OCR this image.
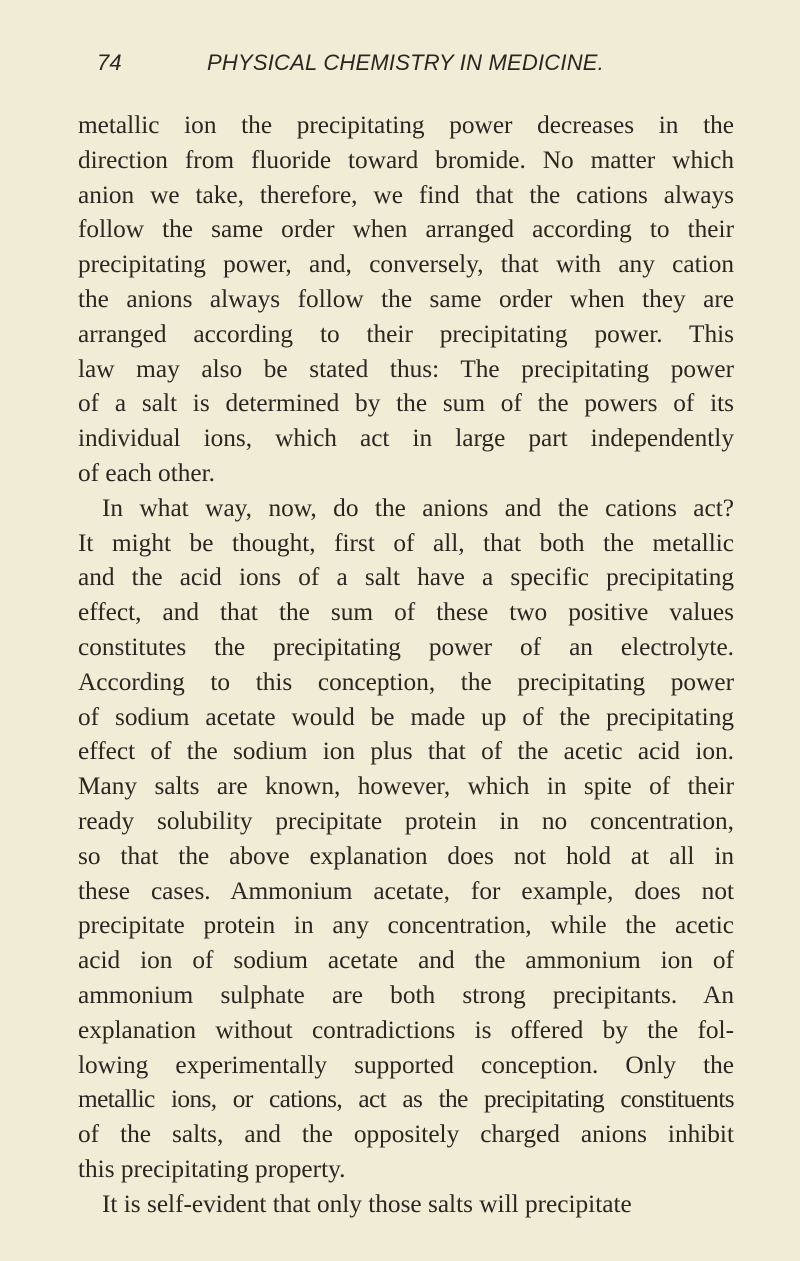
74	PHYSICAL CHEMISTRY IN MEDICINE.
metallic ion the precipitating power decreases in the
direction from fluoride toward bromide. No matter which
anion we take, therefore, we find that the cations always
follow the same order when arranged according to their
precipitating power, and, conversely, that with any cation
the anions always follow the same order when they are
arranged according to their precipitating power. This
law may also be stated thus: The precipitating power
of a salt is determined by the sum of the powers of its
individual ions, which act in large part independently
of each other.
In what way, now, do the anions and the cations act?
It might be thought, first of all, that both the metallic
and the acid ions of a salt have a specific precipitating
effect, and that the sum of these two positive values
constitutes the precipitating power of an electrolyte.
According to this conception, the precipitating power
of sodium acetate would be made up of the precipitating
effect of the sodium ion plus that of the acetic acid ion.
Many salts are known, however, which in spite of their
ready solubility precipitate protein in no concentration,
so that the above explanation does not hold at all in
these cases. Ammonium acetate, for example, does not
precipitate protein in any concentration, while the acetic
acid ion of sodium acetate and the ammonium ion of
ammonium sulphate are both strong precipitants. An
explanation without contradictions is offered by the fol-
lowing experimentally supported conception. Only the
metallic ions, or cations, act as the precipitating constituents
of the salts, and the oppositely charged anions inhibit
this precipitating property.
It is self-evident that only those salts will precipitate
